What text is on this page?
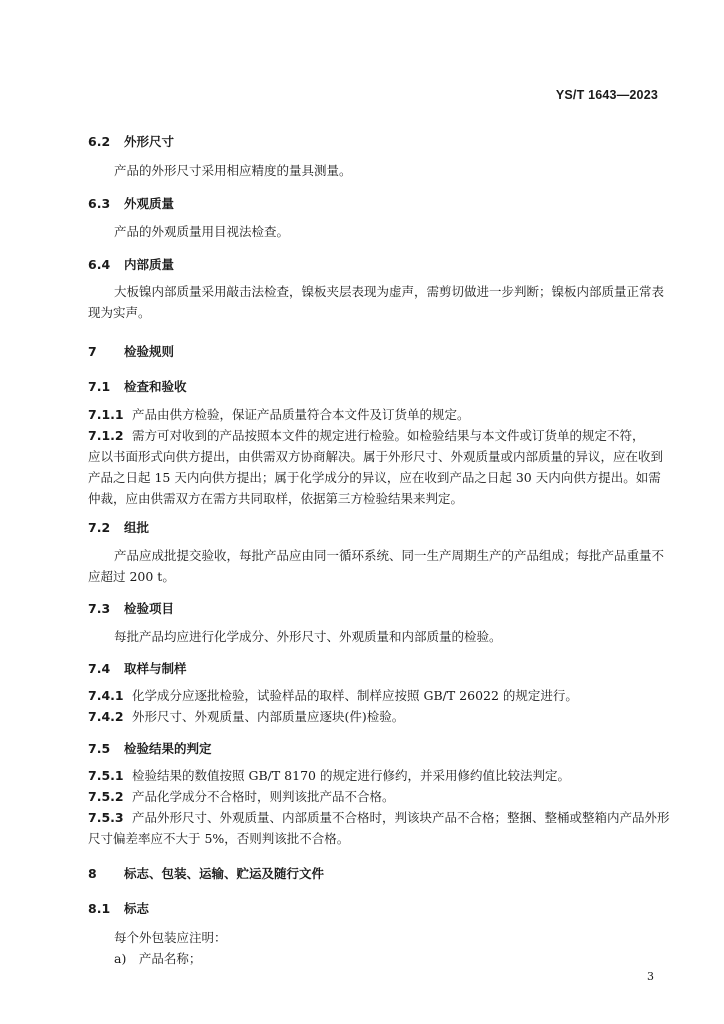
YS/T 1643—2023
6.2 外形尺寸
产品的外形尺寸采用相应精度的量具测量。
6.3 外观质量
产品的外观质量用目视法检查。
6.4 内部质量
大板镍内部质量采用敲击法检查，镍板夹层表现为虚声，需剪切做进一步判断；镍板内部质量正常表
现为实声。
7 检验规则
7.1 检查和验收
7.1.1 产品由供方检验，保证产品质量符合本文件及订货单的规定。
7.1.2 需方可对收到的产品按照本文件的规定进行检验。如检验结果与本文件或订货单的规定不符，
应以书面形式向供方提出，由供需双方协商解决。属于外形尺寸、外观质量或内部质量的异议，应在收到
产品之日起 15 天内向供方提出；属于化学成分的异议，应在收到产品之日起 30 天内向供方提出。如需
仲裁，应由供需双方在需方共同取样，依据第三方检验结果来判定。
7.2 组批
产品应成批提交验收，每批产品应由同一循环系统、同一生产周期生产的产品组成；每批产品重量不
应超过 200 t。
7.3 检验项目
每批产品均应进行化学成分、外形尺寸、外观质量和内部质量的检验。
7.4 取样与制样
7.4.1 化学成分应逐批检验，试验样品的取样、制样应按照 GB/T 26022 的规定进行。
7.4.2 外形尺寸、外观质量、内部质量应逐块(件)检验。
7.5 检验结果的判定
7.5.1 检验结果的数值按照 GB/T 8170 的规定进行修约，并采用修约值比较法判定。
7.5.2 产品化学成分不合格时，则判该批产品不合格。
7.5.3 产品外形尺寸、外观质量、内部质量不合格时，判该块产品不合格；整捆、整桶或整箱内产品外形
尺寸偏差率应不大于 5%，否则判该批不合格。
8 标志、包装、运输、贮运及随行文件
8.1 标志
每个外包装应注明：
a)　产品名称；
3
